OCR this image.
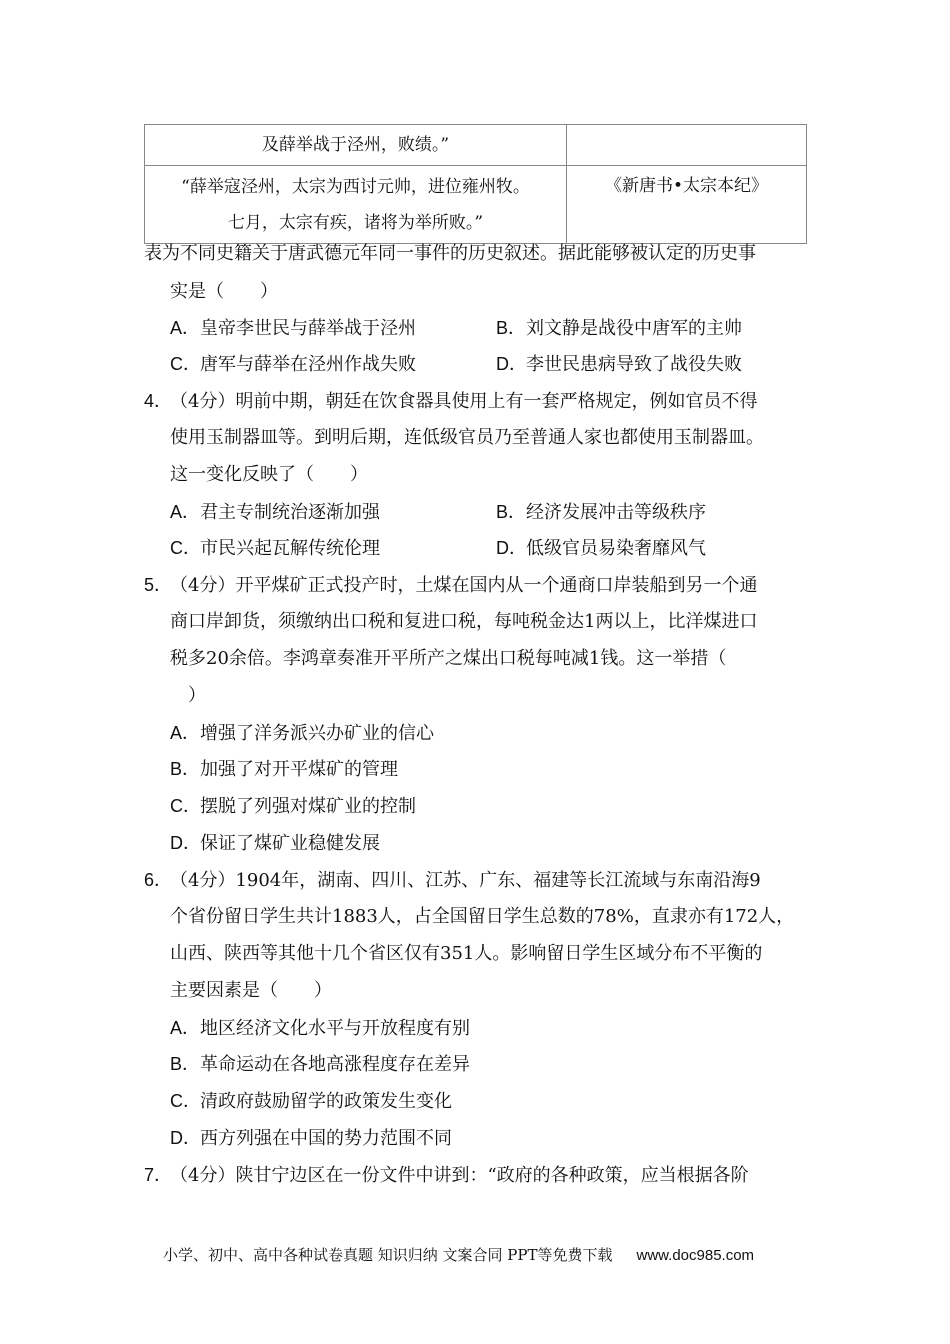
及薛举战于泾州，败绩。”	

“薛举寇泾州，太宗为西讨元帅，进位雍州牧。
七月，太宗有疾，诸将为举所败。”	《新唐书•太宗本纪》
表为不同史籍关于唐武德元年同一事件的历史叙述。据此能够被认定的历史事
实是（　　）
A．皇帝李世民与薛举战于泾州	B．刘文静是战役中唐军的主帅
C．唐军与薛举在泾州作战失败	D．李世民患病导致了战役失败
4．（4分）明前中期，朝廷在饮食器具使用上有一套严格规定，例如官员不得
使用玉制器皿等。到明后期，连低级官员乃至普通人家也都使用玉制器皿。
这一变化反映了（　　）
A．君主专制统治逐渐加强	B．经济发展冲击等级秩序
C．市民兴起瓦解传统伦理	D．低级官员易染奢靡风气
5．（4分）开平煤矿正式投产时，土煤在国内从一个通商口岸装船到另一个通
商口岸卸货，须缴纳出口税和复进口税，每吨税金达1两以上，比洋煤进口
税多20余倍。李鸿章奏准开平所产之煤出口税每吨减1钱。这一举措（
）
A．增强了洋务派兴办矿业的信心
B．加强了对开平煤矿的管理
C．摆脱了列强对煤矿业的控制
D．保证了煤矿业稳健发展
6．（4分）1904年，湖南、四川、江苏、广东、福建等长江流域与东南沿海9
个省份留日学生共计1883人，占全国留日学生总数的78%，直隶亦有172人，
山西、陕西等其他十几个省区仅有351人。影响留日学生区域分布不平衡的
主要因素是（　　）
A．地区经济文化水平与开放程度有别
B．革命运动在各地高涨程度存在差异
C．清政府鼓励留学的政策发生变化
D．西方列强在中国的势力范围不同
7．（4分）陕甘宁边区在一份文件中讲到：“政府的各种政策，应当根据各阶
小学、初中、高中各种试卷真题 知识归纳 文案合同 PPT等免费下载 www.doc985.com
